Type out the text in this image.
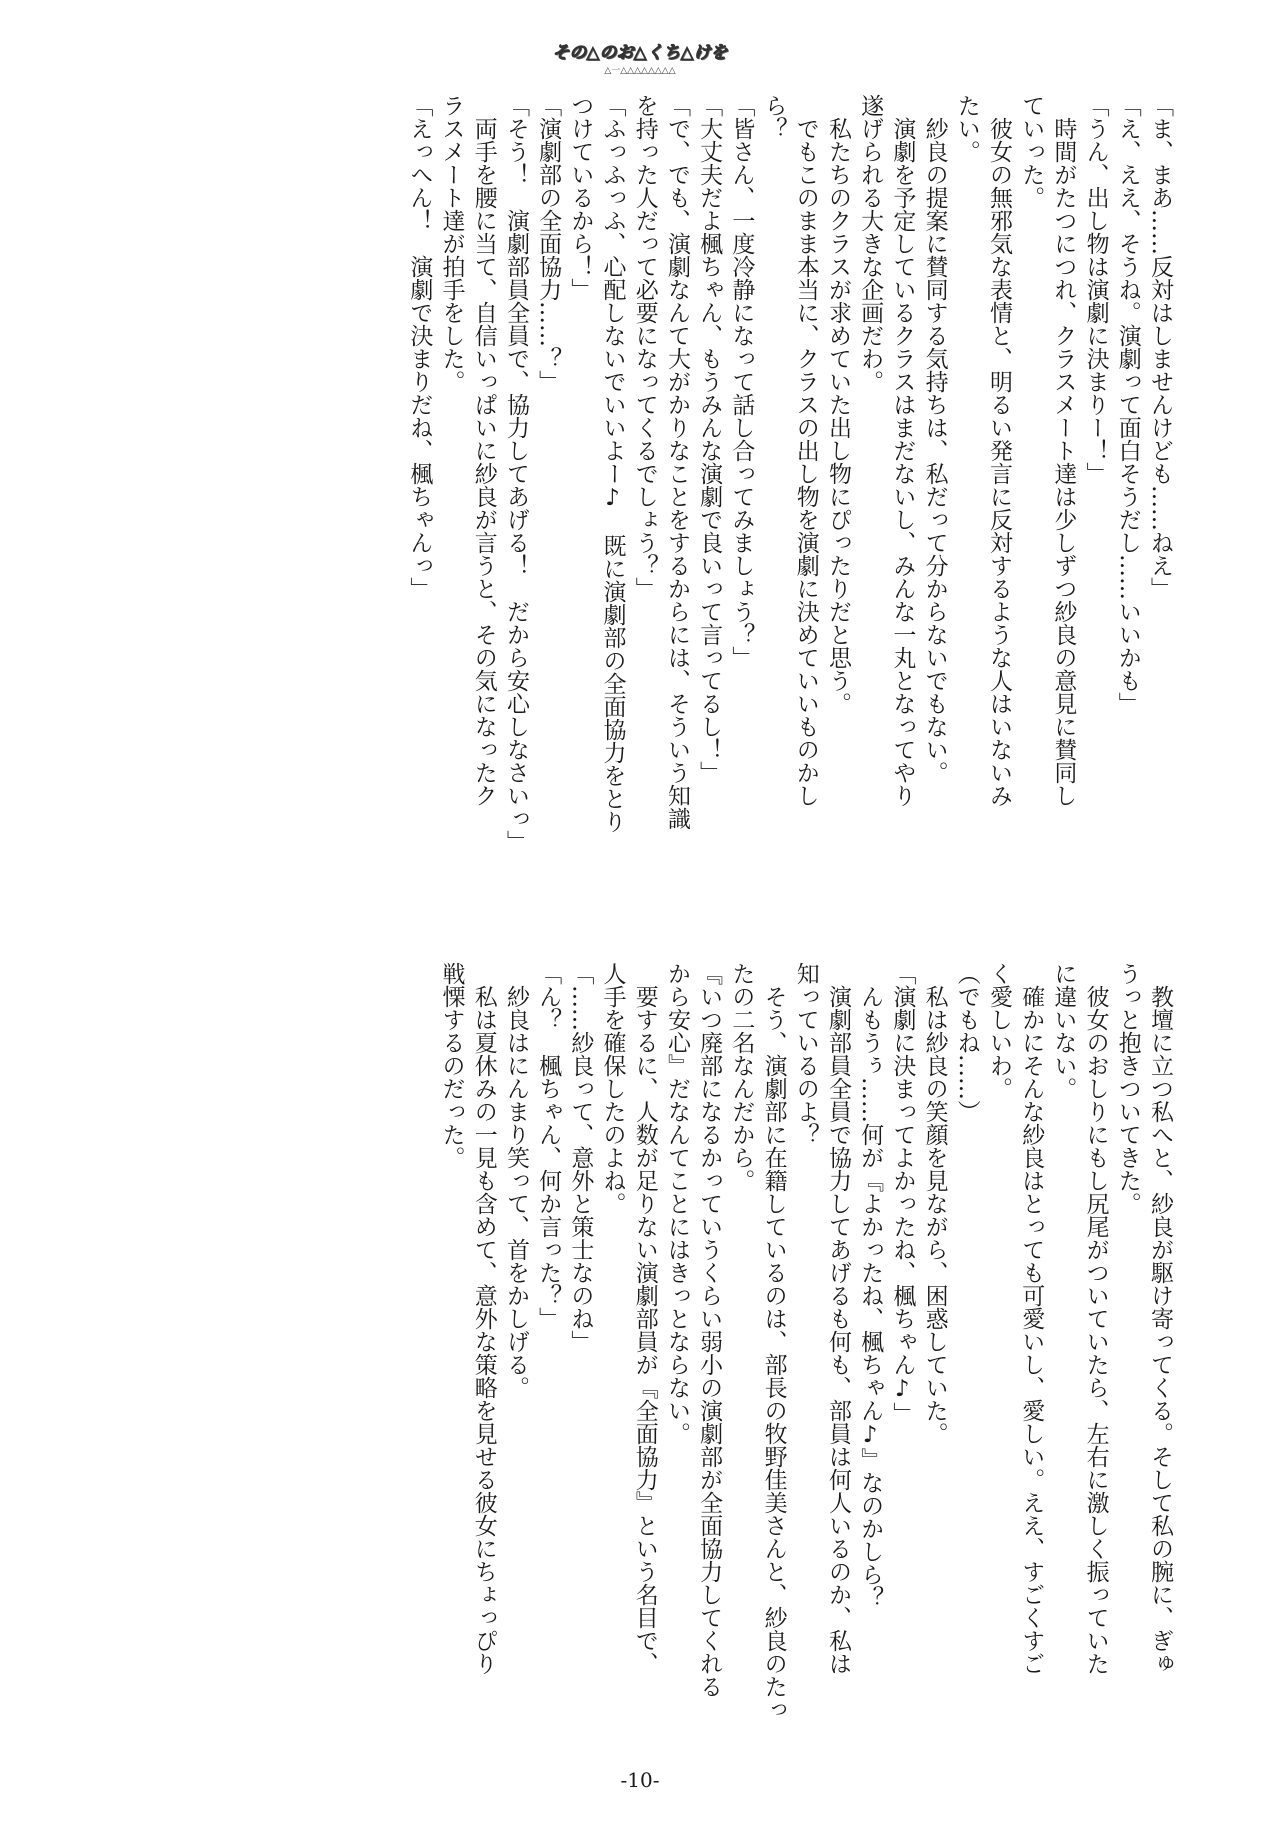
その△のお△くち△けを
△一△△△△△△△△
「ま、まあ……反対はしませんけども……ねえ」
「え、ええ、そうね。演劇って面白そうだし……いいかも」
「うん、出し物は演劇に決まりー！」
　時間がたつにつれ、クラスメート達は少しずつ紗良の意見に賛同し
ていった。
　彼女の無邪気な表情と、明るい発言に反対するような人はいないみ
たい。
　紗良の提案に賛同する気持ちは、私だって分からないでもない。
　演劇を予定しているクラスはまだないし、みんな一丸となってやり
遂げられる大きな企画だわ。
　私たちのクラスが求めていた出し物にぴったりだと思う。
　でもこのまま本当に、クラスの出し物を演劇に決めていいものかし
ら？
「皆さん、一度冷静になって話し合ってみましょう？」
「大丈夫だよ楓ちゃん、もうみんな演劇で良いって言ってるし！」
「で、でも、演劇なんて大がかりなことをするからには、そういう知識
を持った人だって必要になってくるでしょう？」
「ふっふっふ、心配しないでいいよー♪　既に演劇部の全面協力をとり
つけているから！」
「演劇部の全面協力……？」
「そう！　演劇部員全員で、協力してあげる！　だから安心しなさいっ」
　両手を腰に当て、自信いっぱいに紗良が言うと、その気になったク
ラスメート達が拍手をした。
「えっへん！　演劇で決まりだね、楓ちゃんっ」
　教壇に立つ私へと、紗良が駆け寄ってくる。そして私の腕に、ぎゅ
うっと抱きついてきた。
　彼女のおしりにもし尻尾がついていたら、左右に激しく振っていた
に違いない。
　確かにそんな紗良はとっても可愛いし、愛しい。ええ、すごくすご
く愛しいわ。
（でもね……）
　私は紗良の笑顔を見ながら、困惑していた。
「演劇に決まってよかったね、楓ちゃん♪」
　んもうぅ……何が『よかったね、楓ちゃん♪』なのかしら？
　演劇部員全員で協力してあげるも何も、部員は何人いるのか、私は
知っているのよ？
　そう、演劇部に在籍しているのは、部長の牧野佳美さんと、紗良のたっ
たの二名なんだから。
『いつ廃部になるかっていうくらい弱小の演劇部が全面協力してくれる
から安心』だなんてことにはきっとならない。
　要するに、人数が足りない演劇部員が『全面協力』という名目で、
人手を確保したのよね。
「……紗良って、意外と策士なのね」
「ん？　楓ちゃん、何か言った？」
　紗良はにんまり笑って、首をかしげる。
　私は夏休みの一見も含めて、意外な策略を見せる彼女にちょっぴり
戦慄するのだった。
-10-
